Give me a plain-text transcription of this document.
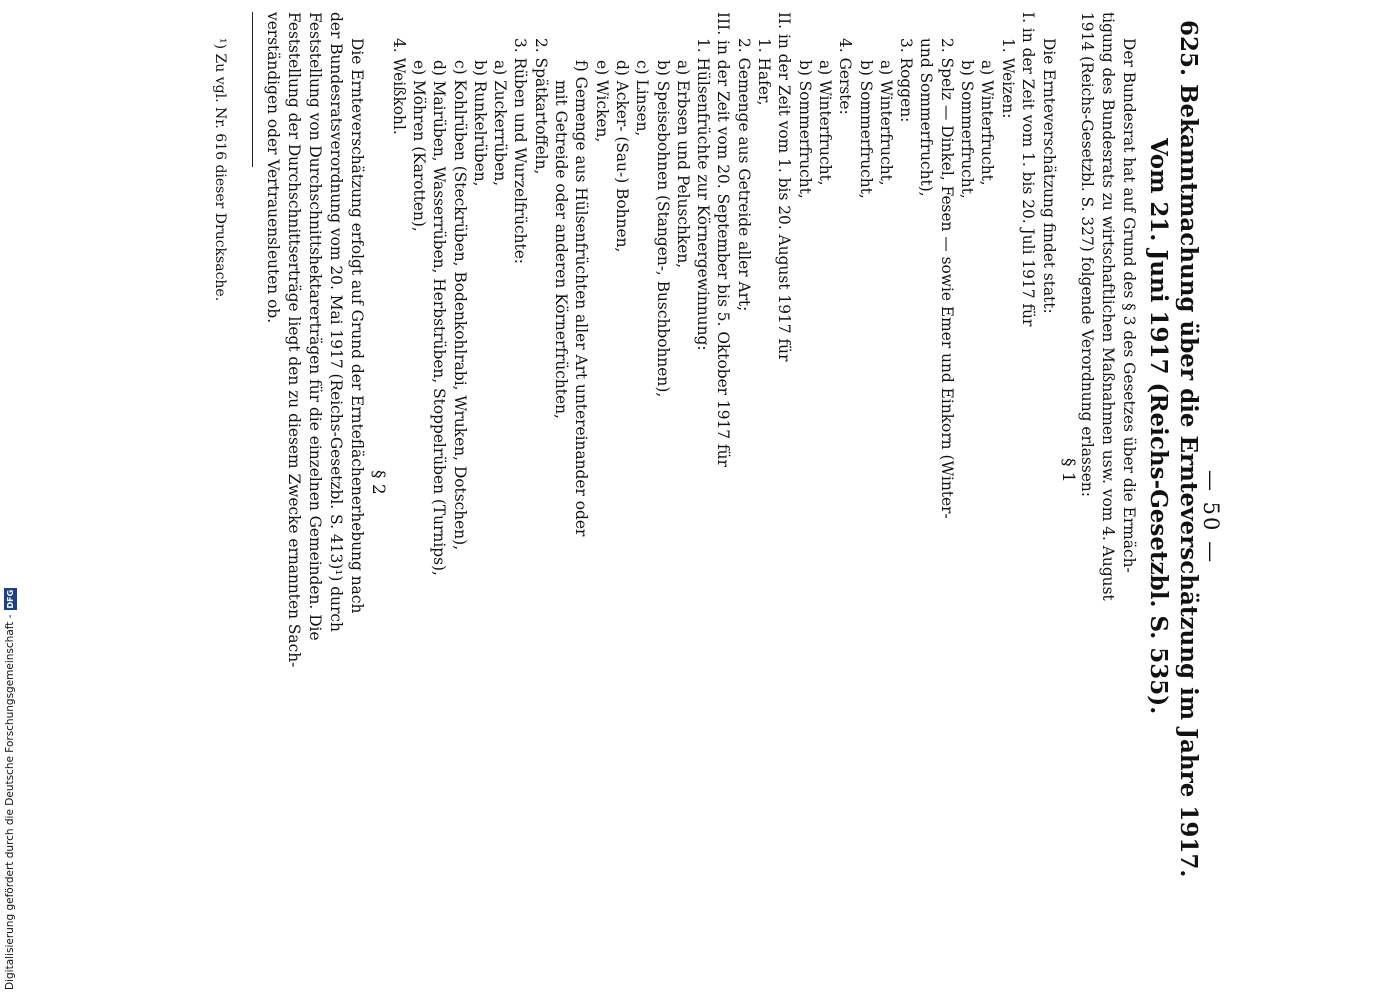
Digitalisierung gefördert durch die Deutsche Forschungsgemeinschaft -
DFG
— 50 —
625. Bekanntmachung über die Ernteverschätzung im Jahre 1917.
Vom 21. Juni 1917 (Reichs-Gesetzbl. S. 535).
Der Bundesrat hat auf Grund des § 3 des Gesetzes über die Ermäch-
tigung des Bundesrats zu wirtschaftlichen Maßnahmen usw. vom 4. August
1914 (Reichs-Gesetzbl. S. 327) folgende Verordnung erlassen:
§ 1
Die Ernteverschätzung findet statt:
I. in der Zeit vom 1. bis 20. Juli 1917 für
1. Weizen:
a) Winterfrucht,
b) Sommerfrucht,
2. Spelz — Dinkel, Fesen — sowie Emer und Einkorn (Winter-
und Sommerfrucht),
3. Roggen:
a) Winterfrucht,
b) Sommerfrucht,
4. Gerste:
a) Winterfrucht,
b) Sommerfrucht,
II. in der Zeit vom 1. bis 20. August 1917 für
1. Hafer,
2. Gemenge aus Getreide aller Art;
III. in der Zeit vom 20. September bis 5. Oktober 1917 für
1. Hülsenfrüchte zur Körnergewinnung:
a) Erbsen und Peluschken,
b) Speisebohnen (Stangen-, Buschbohnen),
c) Linsen,
d) Acker- (Sau-) Bohnen,
e) Wicken,
f) Gemenge aus Hülsenfrüchten aller Art untereinander oder
mit Getreide oder anderen Körnerfrüchten,
2. Spätkartoffeln,
3. Rüben und Wurzelfrüchte:
a) Zuckerrüben,
b) Runkelrüben,
c) Kohlrüben (Steckrüben, Bodenkohlrabi, Wruken, Dotschen),
d) Mairüben, Wasserrüben, Herbstrüben, Stoppelrüben (Turnips),
e) Möhren (Karotten),
4. Weißkohl.
§ 2
Die Ernteverschätzung erfolgt auf Grund der Ernteflächenerhebung nach
der Bundesratsverordnung vom 20. Mai 1917 (Reichs-Gesetzbl. S. 413)¹) durch
Feststellung von Durchschnittshektarerträgen für die einzelnen Gemeinden. Die
Feststellung der Durchschnittserträge liegt den zu diesem Zwecke ernannten Sach-
verständigen oder Vertrauensleuten ob.
¹) Zu vgl. Nr. 616 dieser Drucksache.
